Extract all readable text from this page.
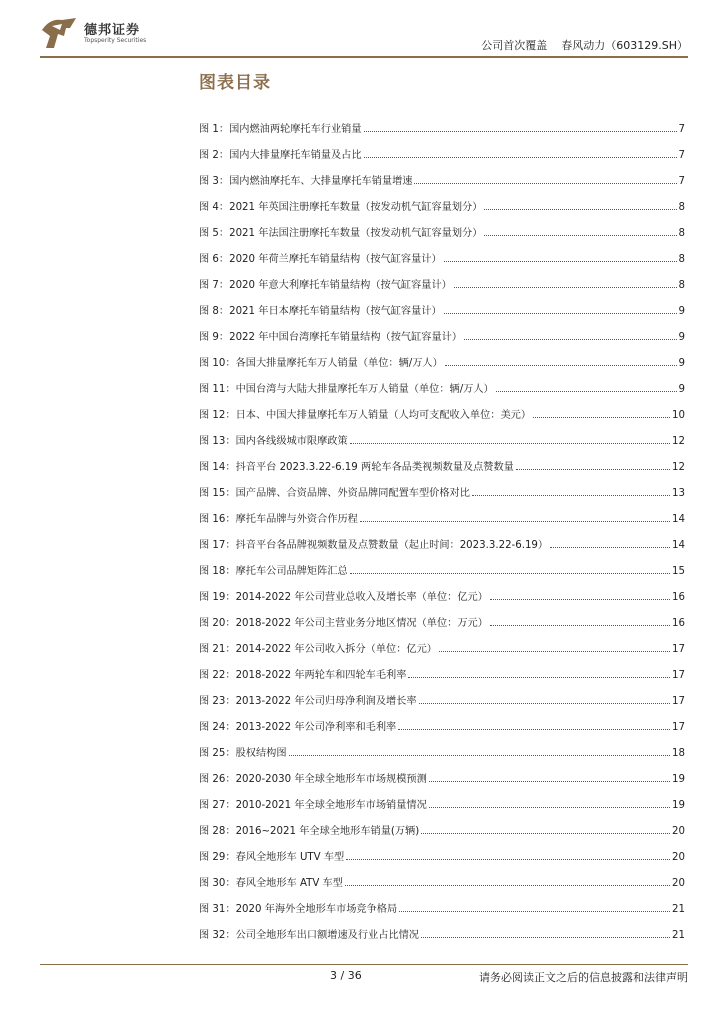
德邦证券
Topsperity Securities	公司首次覆盖 春风动力（603129.SH）
图表目录
图 1：国内燃油两轮摩托车行业销量	7
图 2：国内大排量摩托车销量及占比	7
图 3：国内燃油摩托车、大排量摩托车销量增速	7
图 4：2021 年英国注册摩托车数量（按发动机气缸容量划分）	8
图 5：2021 年法国注册摩托车数量（按发动机气缸容量划分）	8
图 6：2020 年荷兰摩托车销量结构（按气缸容量计）	8
图 7：2020 年意大利摩托车销量结构（按气缸容量计）	8
图 8：2021 年日本摩托车销量结构（按气缸容量计）	9
图 9：2022 年中国台湾摩托车销量结构（按气缸容量计）	9
图 10：各国大排量摩托车万人销量（单位：辆/万人）	9
图 11：中国台湾与大陆大排量摩托车万人销量（单位：辆/万人）	9
图 12：日本、中国大排量摩托车万人销量（人均可支配收入单位：美元）	10
图 13：国内各线级城市限摩政策	12
图 14：抖音平台 2023.3.22-6.19 两轮车各品类视频数量及点赞数量	12
图 15：国产品牌、合资品牌、外资品牌同配置车型价格对比	13
图 16：摩托车品牌与外资合作历程	14
图 17：抖音平台各品牌视频数量及点赞数量（起止时间：2023.3.22-6.19）	14
图 18：摩托车公司品牌矩阵汇总	15
图 19：2014-2022 年公司营业总收入及增长率（单位：亿元）	16
图 20：2018-2022 年公司主营业务分地区情况（单位：万元）	16
图 21：2014-2022 年公司收入拆分（单位：亿元）	17
图 22：2018-2022 年两轮车和四轮车毛利率	17
图 23：2013-2022 年公司归母净利润及增长率	17
图 24：2013-2022 年公司净利率和毛利率	17
图 25：股权结构图	18
图 26：2020-2030 年全球全地形车市场规模预测	19
图 27：2010-2021 年全球全地形车市场销量情况	19
图 28：2016~2021 年全球全地形车销量(万辆)	20
图 29：春风全地形车 UTV 车型	20
图 30：春风全地形车 ATV 车型	20
图 31：2020 年海外全地形车市场竞争格局	21
图 32：公司全地形车出口额增速及行业占比情况	21
3 / 36	请务必阅读正文之后的信息披露和法律声明
